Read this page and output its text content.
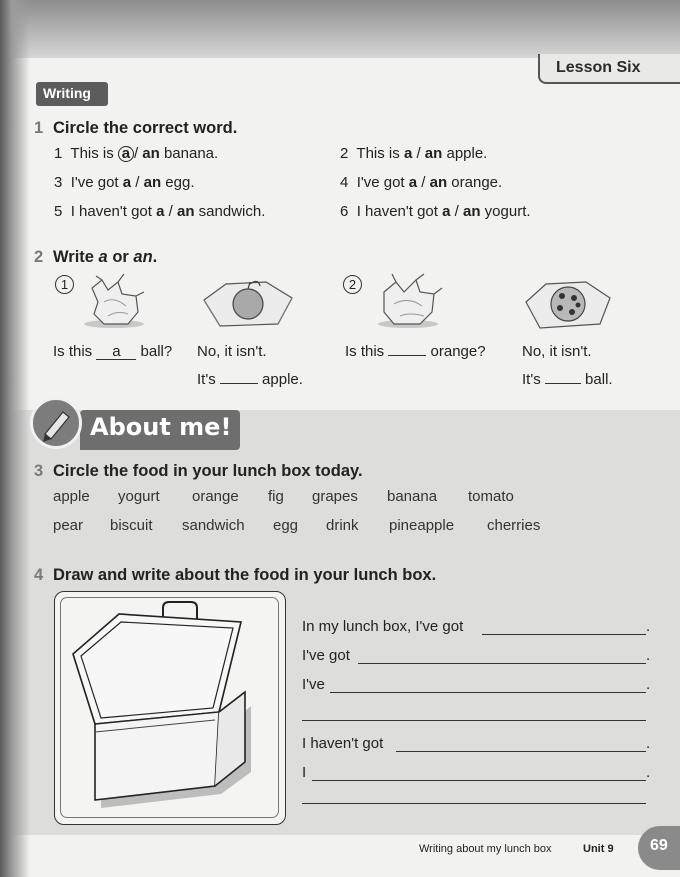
Lesson Six
Writing
1 Circle the correct word.
1 This is a / an banana.	2 This is a / an apple.
3 I've got a / an egg.	4 I've got a / an orange.
5 I haven't got a / an sandwich.	6 I haven't got a / an yogurt.
2 Write a or an.
1	2
Is this a ball? No, it isn't.
It's	apple.
Is this	orange? No, it isn't.
It's	ball.
About me!
3 Circle the food in your lunch box today.
apple yogurt orange fig grapes banana tomato
pear biscuit sandwich egg drink pineapple cherries
4 Draw and write about the food in your lunch box.
In my lunch box, I've got	.
I've got	.
I've	.
I haven't got	.
I	.
Writing about my lunch box	Unit 9 69
